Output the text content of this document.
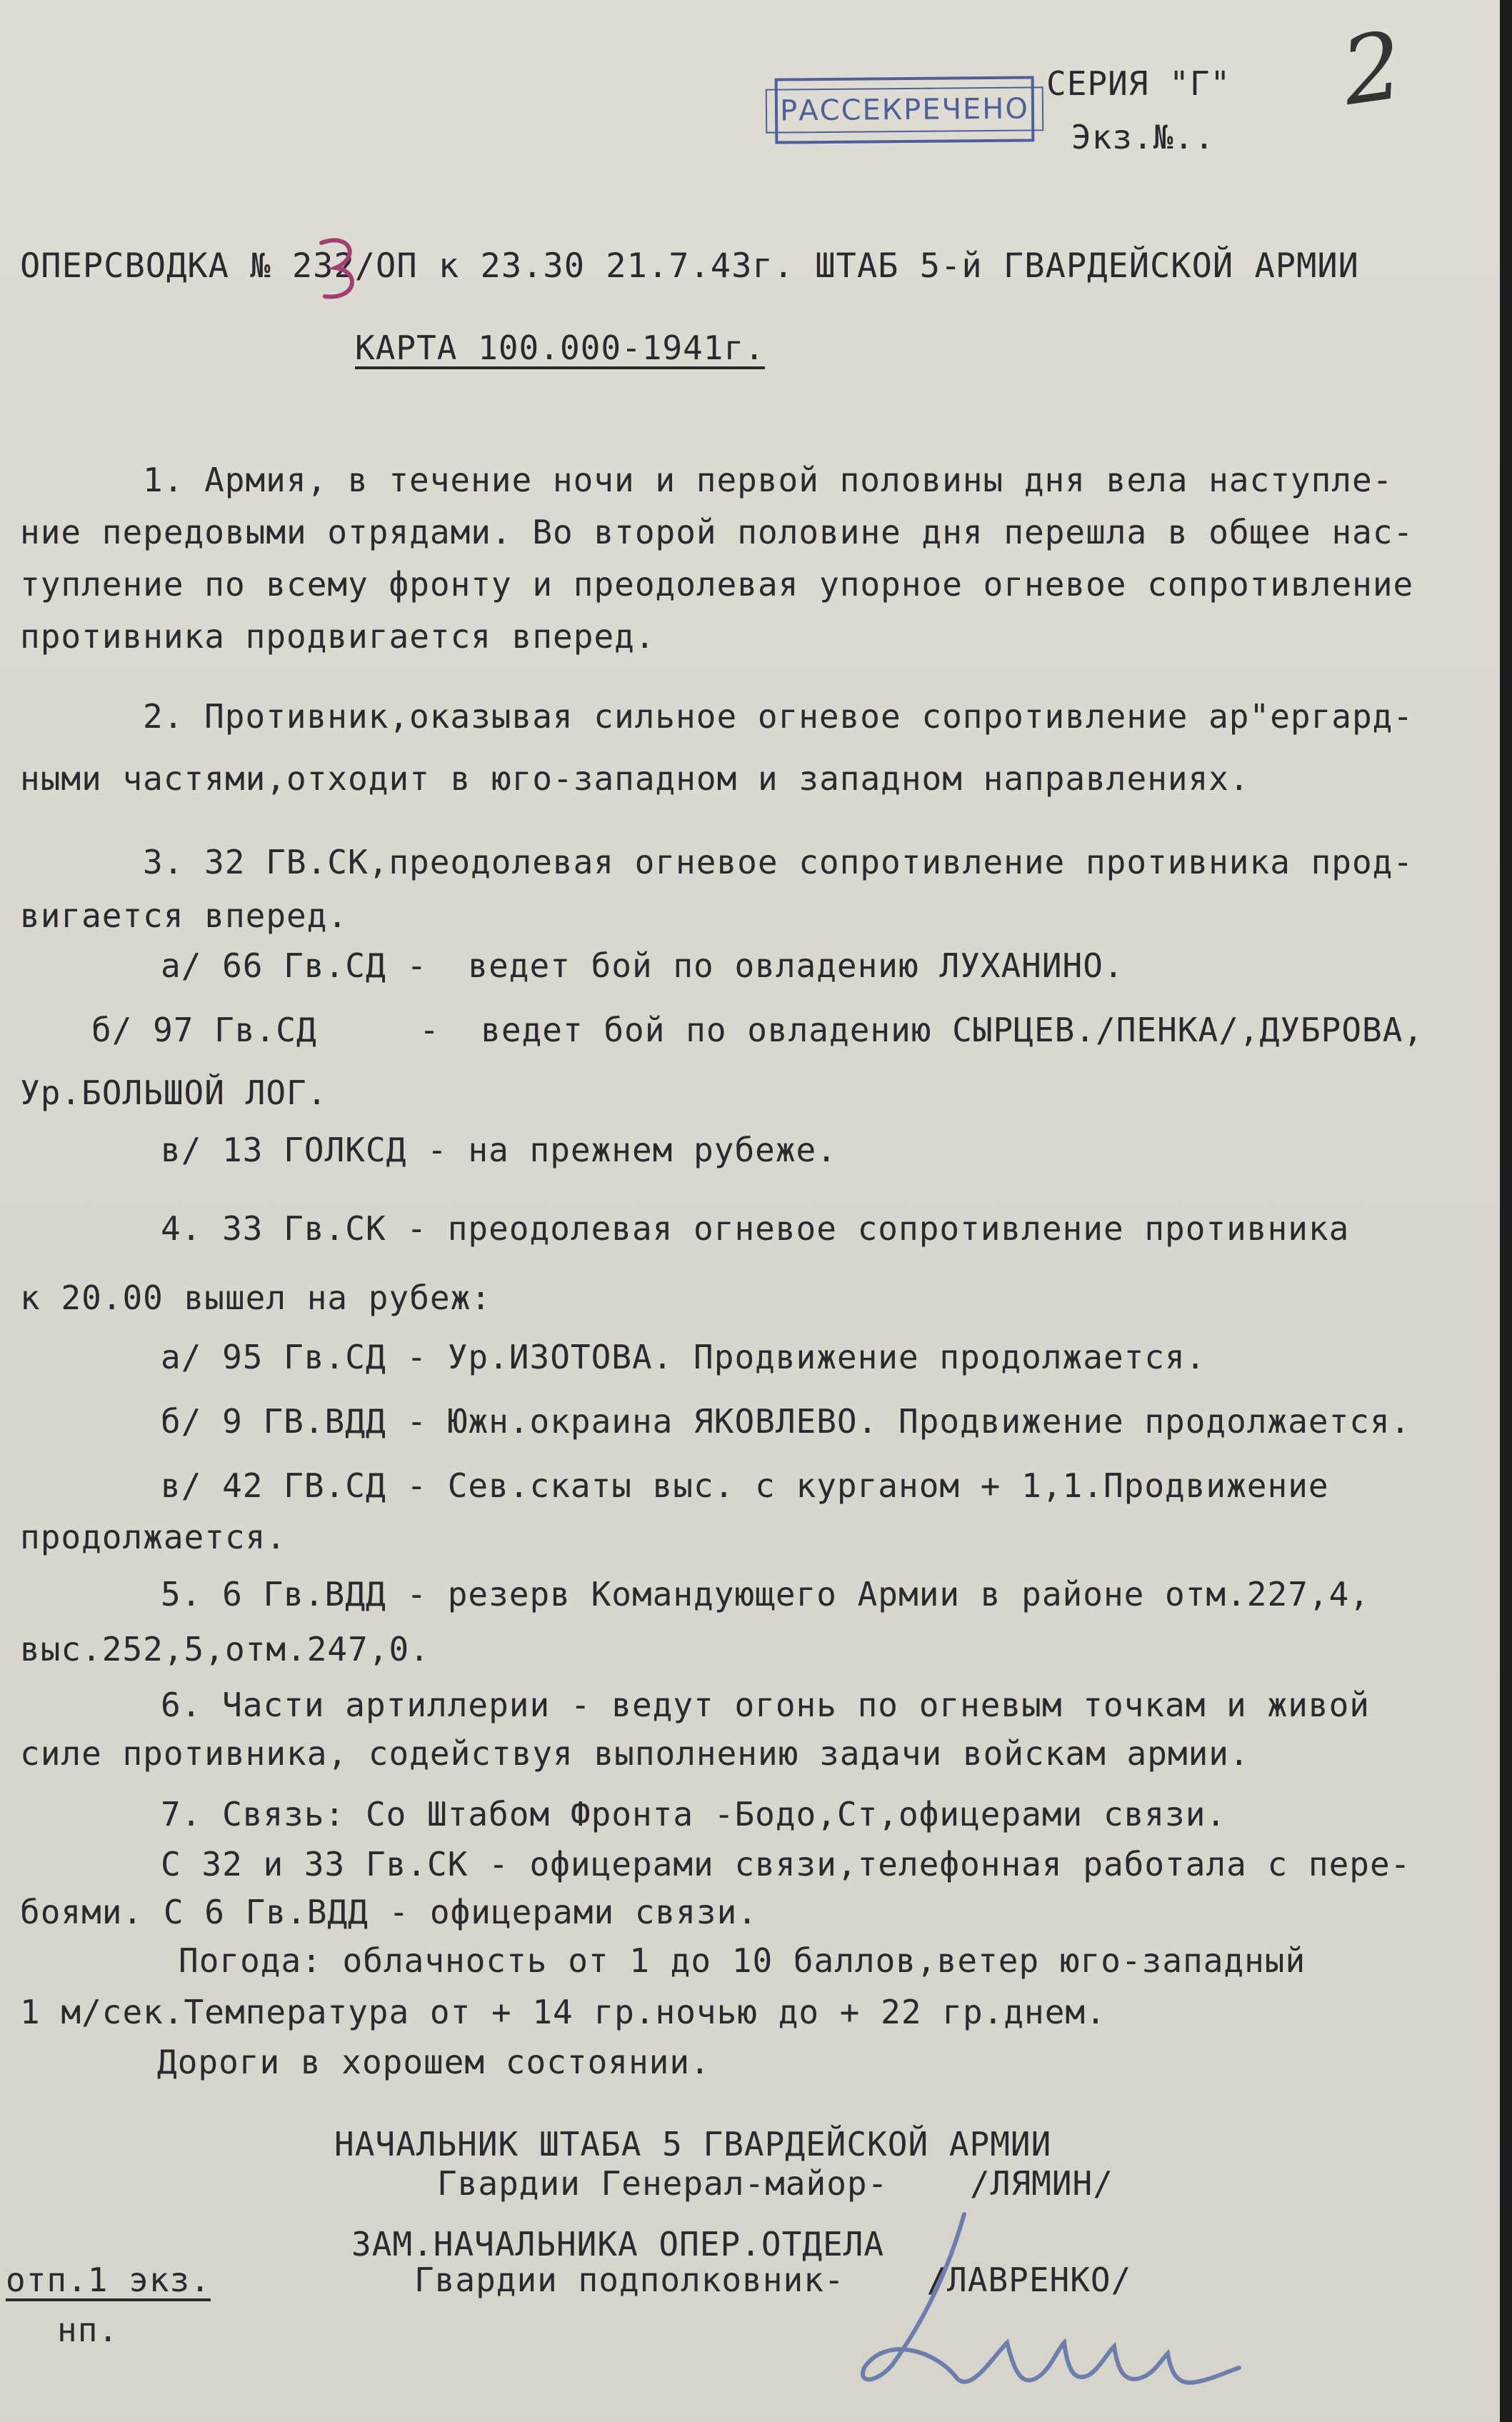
РАССЕКРЕЧЕНО	2
СЕРИЯ "Г"
Экз.№..
ОПЕРСВОДКА № 232/ОП к 23.30 21.7.43г. ШТАБ 5-й ГВАРДЕЙСКОЙ АРМИИ
КАРТА 100.000-1941г.
1. Армия, в течение ночи и первой половины дня вела наступле-
ние передовыми отрядами. Во второй половине дня перешла в общее нас-
тупление по всему фронту и преодолевая упорное огневое сопротивление
противника продвигается вперед.
2. Противник,оказывая сильное огневое сопротивление ар"ергард-
ными частями,отходит в юго-западном и западном направлениях.
3. 32 ГВ.СК,преодолевая огневое сопротивление противника прод-
вигается вперед.
а/ 66 Гв.СД -  ведет бой по овладению ЛУХАНИНО.
б/ 97 Гв.СД     -  ведет бой по овладению СЫРЦЕВ./ПЕНКА/,ДУБРОВА,
Ур.БОЛЬШОЙ ЛОГ.
в/ 13 ГОЛКСД - на прежнем рубеже.
4. 33 Гв.СК - преодолевая огневое сопротивление противника
к 20.00 вышел на рубеж:
а/ 95 Гв.СД - Ур.ИЗОТОВА. Продвижение продолжается.
б/ 9 ГВ.ВДД - Южн.окраина ЯКОВЛЕВО. Продвижение продолжается.
в/ 42 ГВ.СД - Сев.скаты выс. с курганом + 1,1.Продвижение
продолжается.
5. 6 Гв.ВДД - резерв Командующего Армии в районе отм.227,4,
выс.252,5,отм.247,0.
6. Части артиллерии - ведут огонь по огневым точкам и живой
силе противника, содействуя выполнению задачи войскам армии.
7. Связь: Со Штабом Фронта -Бодо,Ст,офицерами связи.
С 32 и 33 Гв.СК - офицерами связи,телефонная работала с пере-
боями. С 6 Гв.ВДД - офицерами связи.
Погода: облачность от 1 до 10 баллов,ветер юго-западный
1 м/сек.Температура от + 14 гр.ночью до + 22 гр.днем.
Дороги в хорошем состоянии.
НАЧАЛЬНИК ШТАБА 5 ГВАРДЕЙСКОЙ АРМИИ
Гвардии Генерал-майор-    /ЛЯМИН/
ЗАМ.НАЧАЛЬНИКА ОПЕР.ОТДЕЛА
Гвардии подполковник-    /ЛАВРЕНКО/
отп.1 экз.
нп.
